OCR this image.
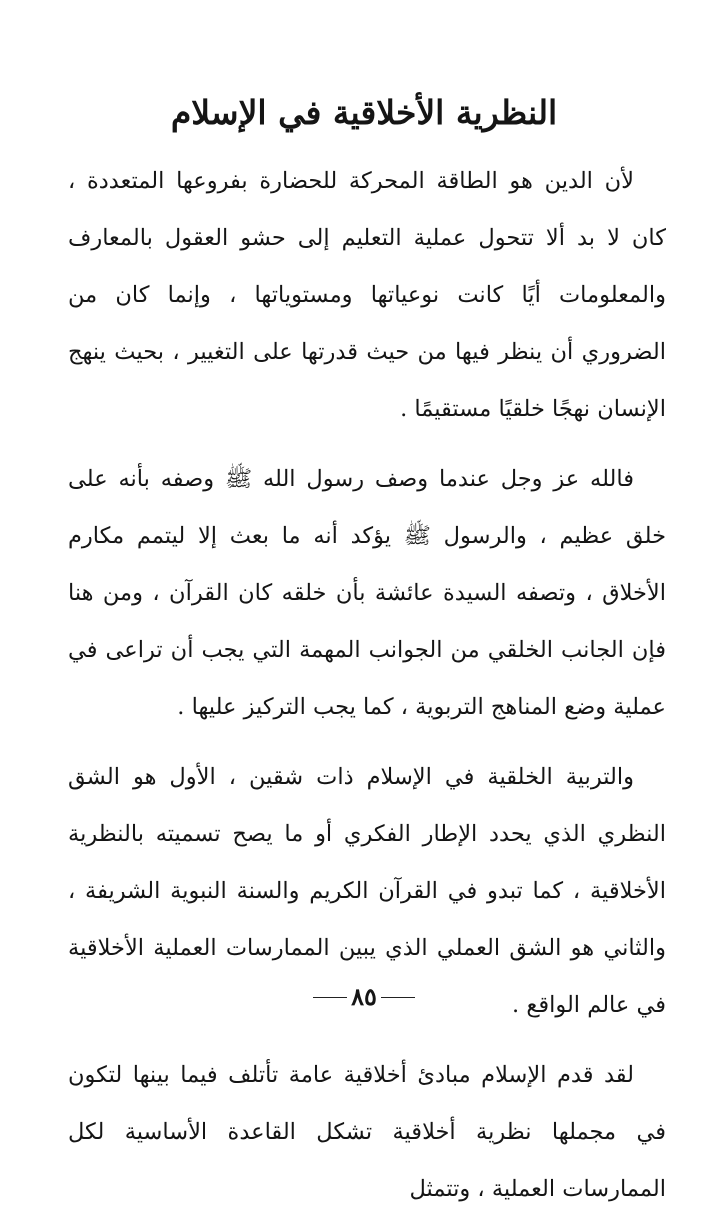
النظرية الأخلاقية في الإسلام

لأن الدين هو الطاقة المحركة للحضارة بفروعها المتعددة ، كان لا بد ألا تتحول عملية التعليم إلى حشو العقول بالمعارف والمعلومات أيًا كانت نوعياتها ومستوياتها ، وإنما كان من الضروري أن ينظر فيها من حيث قدرتها على التغيير ، بحيث ينهج الإنسان نهجًا خلقيًا مستقيمًا .

فالله عز وجل عندما وصف رسول الله ﷺ وصفه بأنه على خلق عظيم ، والرسول ﷺ يؤكد أنه ما بعث إلا ليتمم مكارم الأخلاق ، وتصفه السيدة عائشة بأن خلقه كان القرآن ، ومن هنا فإن الجانب الخلقي من الجوانب المهمة التي يجب أن تراعى في عملية وضع المناهج التربوية ، كما يجب التركيز عليها .

والتربية الخلقية في الإسلام ذات شقين ، الأول هو الشق النظري الذي يحدد الإطار الفكري أو ما يصح تسميته بالنظرية الأخلاقية ، كما تبدو في القرآن الكريم والسنة النبوية الشريفة ، والثاني هو الشق العملي الذي يبين الممارسات العملية الأخلاقية في عالم الواقع .

لقد قدم الإسلام مبادئ أخلاقية عامة تأتلف فيما بينها لتكون في مجملها نظرية أخلاقية تشكل القاعدة الأساسية لكل الممارسات العملية ، وتتمثل

٨٥
